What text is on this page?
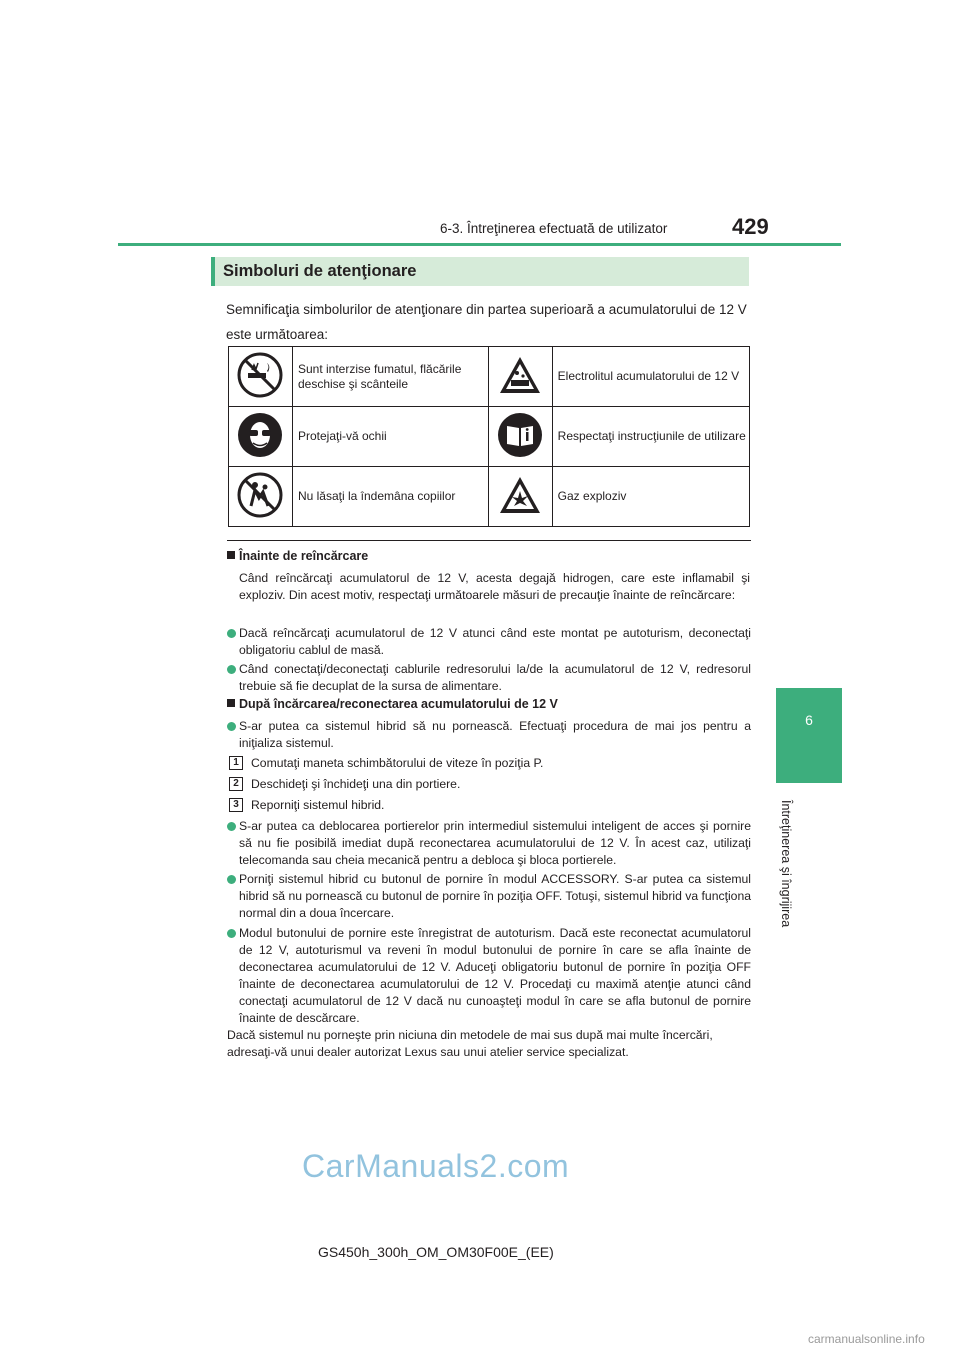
6-3. Întreţinerea efectuată de utilizator	429
6
Întreţinerea şi îngrijirea
Simboluri de atenţionare
Semnificaţia simbolurilor de atenţionare din partea superioară a acumulatorului de 12 V este următoarea:
	Sunt interzise fumatul, flăcările deschise şi scânteile		Electrolitul acumulatorului de 12 V
	Protejaţi-vă ochii		Respectaţi instrucţiunile de utilizare
	Nu lăsaţi la îndemâna copiilor		Gaz exploziv
Înainte de reîncărcare
Când reîncărcaţi acumulatorul de 12 V, acesta degajă hidrogen, care este inflamabil şi exploziv. Din acest motiv, respectaţi următoarele măsuri de precauţie înainte de reîncărcare:
Dacă reîncărcaţi acumulatorul de 12 V atunci când este montat pe autoturism, deconectaţi obligatoriu cablul de masă.
Când conectaţi/deconectaţi cablurile redresorului la/de la acumulatorul de 12 V, redresorul trebuie să fie decuplat de la sursa de alimentare.
După încărcarea/reconectarea acumulatorului de 12 V
S-ar putea ca sistemul hibrid să nu pornească. Efectuaţi procedura de mai jos pentru a iniţializa sistemul.
1	Comutaţi maneta schimbătorului de viteze în poziţia P.
2	Deschideţi şi închideţi una din portiere.
3	Reporniţi sistemul hibrid.
S-ar putea ca deblocarea portierelor prin intermediul sistemului inteligent de acces şi pornire să nu fie posibilă imediat după reconectarea acumulatorului de 12 V. În acest caz, utilizaţi telecomanda sau cheia mecanică pentru a debloca şi bloca portierele.
Porniţi sistemul hibrid cu butonul de pornire în modul ACCESSORY. S-ar putea ca sistemul hibrid să nu pornească cu butonul de pornire în poziţia OFF. Totuşi, sistemul hibrid va funcţiona normal din a doua încercare.
Modul butonului de pornire este înregistrat de autoturism. Dacă este reconectat acumulatorul de 12 V, autoturismul va reveni în modul butonului de pornire în care se afla înainte de deconectarea acumulatorului de 12 V. Aduceţi obligatoriu butonul de pornire în poziţia OFF înainte de deconectarea acumulatorului de 12 V. Procedaţi cu maximă atenţie atunci când conectaţi acumulatorul de 12 V dacă nu cunoaşteţi modul în care se afla butonul de pornire înainte de descărcare.
Dacă sistemul nu porneşte prin niciuna din metodele de mai sus după mai multe încercări, adresaţi-vă unui dealer autorizat Lexus sau unui atelier service specializat.
CarManuals2.com
GS450h_300h_OM_OM30F00E_(EE)
carmanualsonline.info
